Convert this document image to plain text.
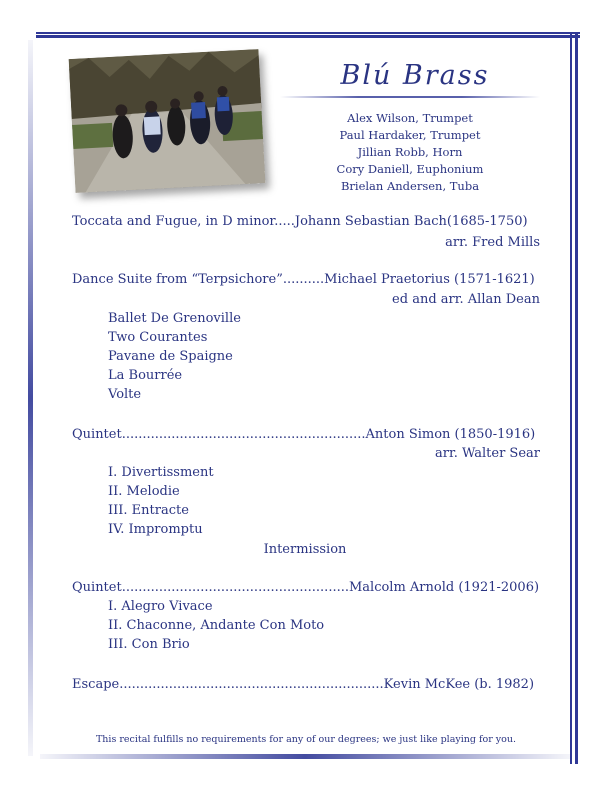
Blú Brass
Alex Wilson, Trumpet
Paul Hardaker, Trumpet
Jillian Robb, Horn
Cory Daniell, Euphonium
Brielan Andersen, Tuba
Toccata and Fugue, in D minor.....Johann Sebastian Bach(1685-1750)
arr. Fred Mills
Dance Suite from “Terpsichore”..........Michael Praetorius (1571-1621)
ed and arr. Allan Dean
Ballet De Grenoville
Two Courantes
Pavane de Spaigne
La Bourrée
Volte
Quintet...........................................................Anton Simon (1850-1916)
arr. Walter Sear
I. Divertissment
II. Melodie
III. Entracte
IV. Impromptu
Intermission
Quintet.......................................................Malcolm Arnold (1921-2006)
I. Alegro Vivace
II. Chaconne, Andante Con Moto
III. Con Brio
Escape................................................................Kevin McKee (b. 1982)
This recital fulfills no requirements for any of our degrees; we just like playing for you.
